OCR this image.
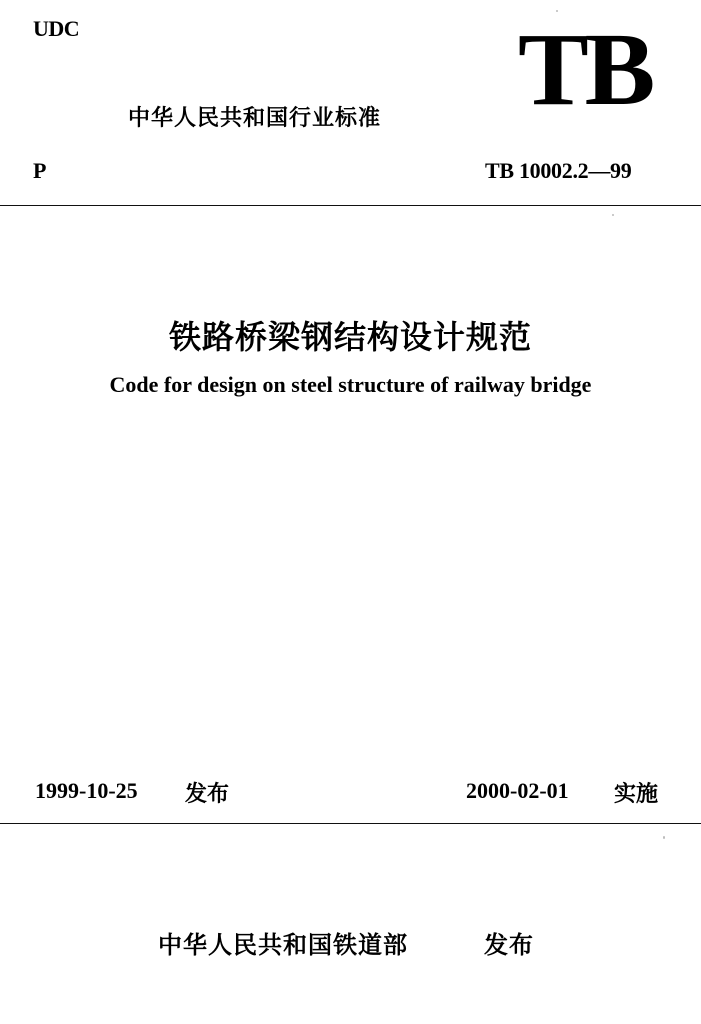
UDC	TB
中华人民共和国行业标准
P	TB 10002.2—99
铁路桥梁钢结构设计规范
Code for design on steel structure of railway bridge
1999-10-25 发布	2000-02-01 实施
中华人民共和国铁道部	发布
